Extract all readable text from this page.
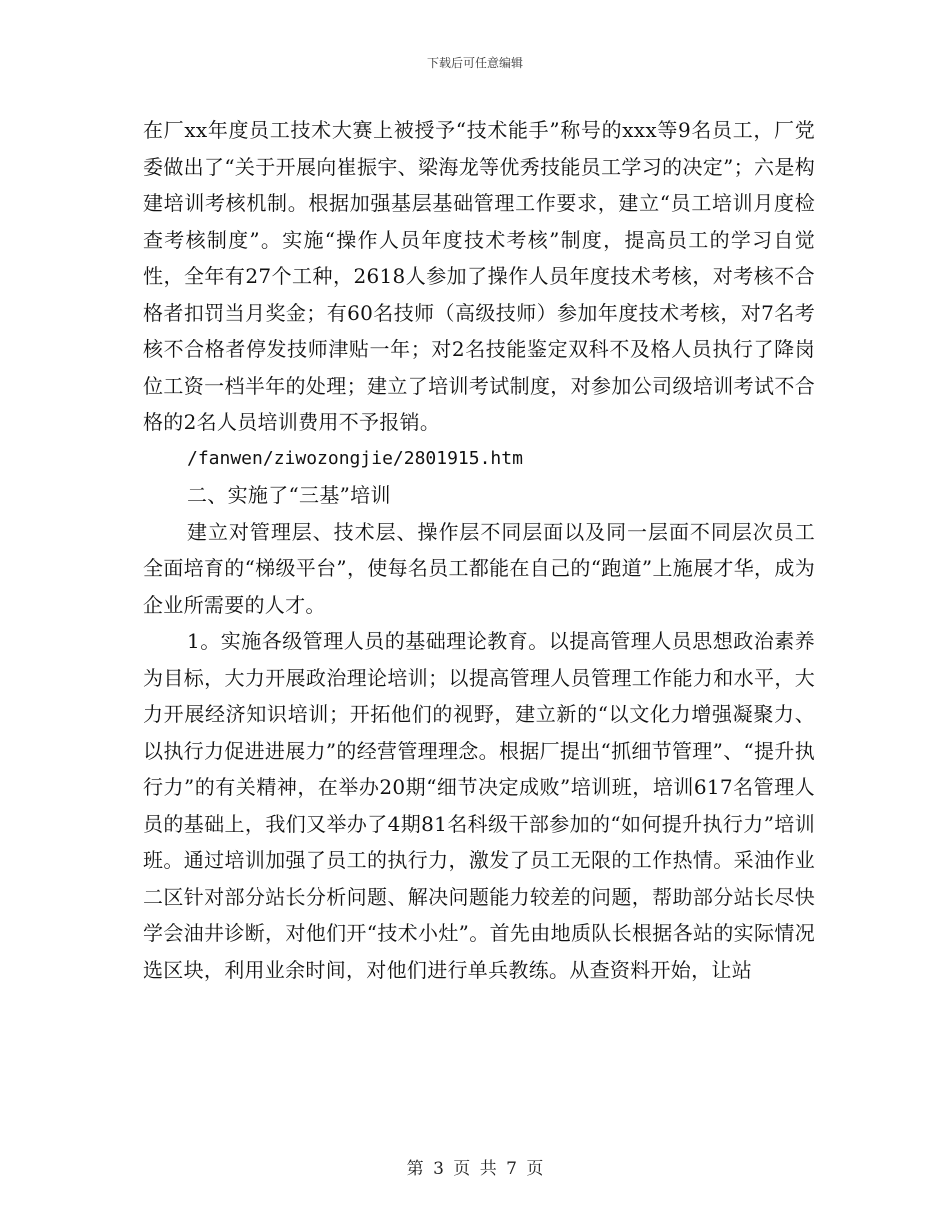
下载后可任意编辑

在厂xx年度员工技术大赛上被授予“技术能手”称号的xxx等9名员工，厂党委做出了“关于开展向崔振宇、梁海龙等优秀技能员工学习的决定”；六是构建培训考核机制。根据加强基层基础管理工作要求，建立“员工培训月度检查考核制度”。实施“操作人员年度技术考核”制度，提高员工的学习自觉性，全年有27个工种，2618人参加了操作人员年度技术考核，对考核不合格者扣罚当月奖金；有60名技师（高级技师）参加年度技术考核，对7名考核不合格者停发技师津贴一年；对2名技能鉴定双科不及格人员执行了降岗位工资一档半年的处理；建立了培训考试制度，对参加公司级培训考试不合格的2名人员培训费用不予报销。

/fanwen/ziwozongjie/2801915.htm

二、实施了“三基”培训

建立对管理层、技术层、操作层不同层面以及同一层面不同层次员工全面培育的“梯级平台”，使每名员工都能在自己的“跑道”上施展才华，成为企业所需要的人才。

1。实施各级管理人员的基础理论教育。以提高管理人员思想政治素养为目标，大力开展政治理论培训；以提高管理人员管理工作能力和水平，大力开展经济知识培训；开拓他们的视野，建立新的“以文化力增强凝聚力、以执行力促进进展力”的经营管理理念。根据厂提出“抓细节管理”、“提升执行力”的有关精神，在举办20期“细节决定成败”培训班，培训617名管理人员的基础上，我们又举办了4期81名科级干部参加的“如何提升执行力”培训班。通过培训加强了员工的执行力，激发了员工无限的工作热情。采油作业二区针对部分站长分析问题、解决问题能力较差的问题，帮助部分站长尽快学会油井诊断，对他们开“技术小灶”。首先由地质队长根据各站的实际情况选区块，利用业余时间，对他们进行单兵教练。从查资料开始，让站

第 3 页 共 7 页
